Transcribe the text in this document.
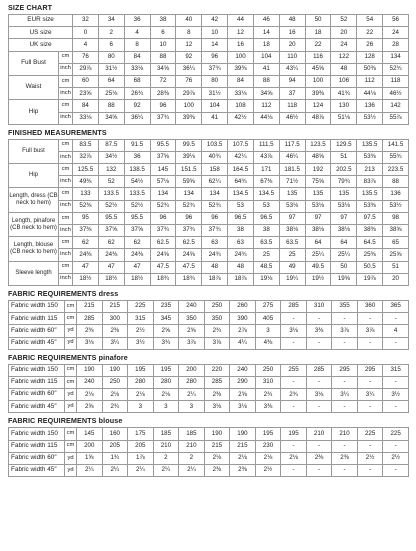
SIZE CHART
EUR size		32	34	36	38	40	42	44	46	48	50	52	54	56
US size		0	2	4	6	8	10	12	14	16	18	20	22	24
UK size		4	6	8	10	12	14	16	18	20	22	24	26	28
Full Bust	cm	76	80	84	88	92	96	100	104	110	116	122	128	134
	inch	29⅞	31½	33⅛	34⅝	36¼	37¾	39⅜	41	43¼	45⅝	48	50⅜	52¾
Waist	cm	60	64	68	72	76	80	84	88	94	100	106	112	118
	inch	23⅝	25⅛	26¾	28⅜	29⅞	31½	33⅛	34⅝	37	39⅜	41¾	44⅛	46½
Hip	cm	84	88	92	96	100	104	108	112	118	124	130	136	142
	inch	33⅛	34⅝	36¼	37¾	39⅜	41	42½	44⅛	46½	48⅞	51⅛	53½	55⅞
FINISHED MEASUREMENTS
Full bust	cm	83.5	87.5	91.5	95.5	99.5	103.5	107.5	111.5	117.5	123.5	129.5	135.5	141.5
	inch	32⅞	34½	36	37⅝	39⅛	40¾	42¼	43⅞	46¼	48⅝	51	53⅜	55¾
Hip	cm	125.5	132	138.5	145	151.5	158	164.5	171	181.5	192	202.5	213	223.5
	inch	49⅜	52	54½	57⅛	59⅝	62¼	64¾	67⅜	71½	75⅝	79¾	83⅞	88
Length, dress (CB neck to hem)	cm	133	133.5	133.5	134	134	134	134.5	134.5	135	135	135	135.5	136
	inch	52⅜	52½	52½	52¾	52¾	52¾	53	53	53⅛	53⅛	53⅛	53⅜	53½
Length, pinafore (CB neck to hem)	cm	95	95.5	95.5	96	96	96	96.5	96.5	97	97	97	97.5	98
	inch	37⅜	37⅝	37⅝	37¾	37¾	37¾	38	38	38⅛	38⅛	38⅛	38⅜	38⅝
Length, blouse (CB neck to hem)	cm	62	62	62	62.5	62.5	63	63	63.5	63.5	64	64	64.5	65
	inch	24⅜	24⅜	24⅜	24⅝	24⅝	24¾	24¾	25	25	25¼	25¼	25⅜	25⅝
Sleeve length	cm	47	47	47	47.5	47.5	48	48	48.5	49	49.5	50	50.5	51
	inch	18½	18½	18½	18¾	18¾	18⅞	18⅞	19⅛	19¼	19½	19⅝	19⅞	20
FABRIC REQUIREMENTS dress
Fabric width 150	cm	215	215	225	235	240	250	260	275	285	310	355	360	365
Fabric width 115	cm	285	300	315	345	350	350	390	405	-	-	-	-	-
Fabric width 60″	yd	2⅜	2⅜	2½	2⅝	2⅝	2¾	2⅞	3	3⅛	3⅜	3⅞	3⅞	4
Fabric width 45″	yd	3⅛	3¼	3½	3¾	3⅞	3⅞	4¼	4⅜	-	-	-	-	-
FABRIC REQUIREMENTS pinafore
Fabric width 150	cm	190	190	195	195	200	220	240	250	255	285	295	295	315
Fabric width 115	cm	240	250	280	280	280	285	290	310	-	-	-	-	-
Fabric width 60″	yd	2⅛	2⅛	2⅛	2⅛	2¼	2⅜	2⅝	2¾	2¾	3⅛	3¼	3¼	3½
Fabric width 45″	yd	2⅝	2¾	3	3	3	3⅛	3⅛	3⅜	-	-	-	-	-
FABRIC REQUIREMENTS blouse
Fabric width 150	cm	145	160	175	185	185	190	190	195	195	210	210	225	225
Fabric width 115	cm	200	205	205	210	210	215	215	230	-	-	-	-	-
Fabric width 60″	yd	1⅝	1¾	1⅞	2	2	2⅛	2⅛	2⅛	2⅛	2⅜	2⅜	2½	2½
Fabric width 45″	yd	2¼	2¼	2¼	2¼	2¼	2⅜	2⅜	2½	-	-	-	-	-
